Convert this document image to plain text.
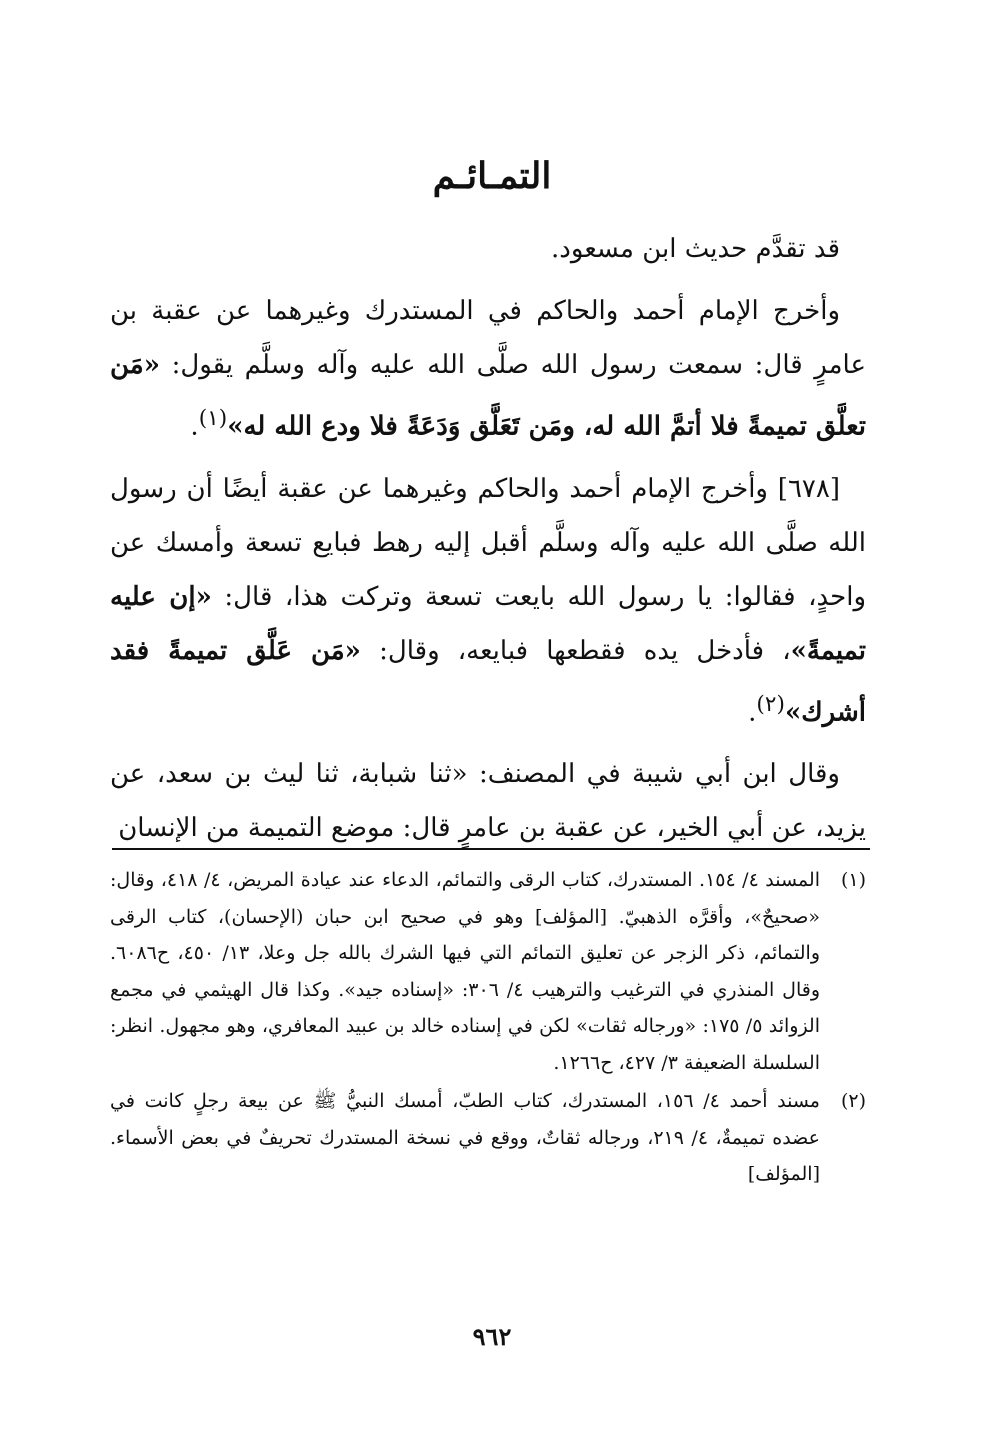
التمـائـم

قد تقدَّم حديث ابن مسعود.

وأخرج الإمام أحمد والحاكم في المستدرك وغيرهما عن عقبة بن عامرٍ قال: سمعت رسول الله صلَّى الله عليه وآله وسلَّم يقول: «مَن تعلَّق تميمةً فلا أتمَّ الله له، ومَن تَعَلَّق وَدَعَةً فلا ودع الله له»$^{(١)}$.

[٦٧٨] وأخرج الإمام أحمد والحاكم وغيرهما عن عقبة أيضًا أن رسول الله صلَّى الله عليه وآله وسلَّم أقبل إليه رهط فبايع تسعة وأمسك عن واحدٍ، فقالوا: يا رسول الله بايعت تسعة وتركت هذا، قال: «إن عليه تميمةً»، فأدخل يده فقطعها فبايعه، وقال: «مَن عَلَّق تميمةً فقد أشرك»$^{(٢)}$.

وقال ابن أبي شيبة في المصنف: «ثنا شبابة، ثنا ليث بن سعد، عن يزيد، عن أبي الخير، عن عقبة بن عامرٍ قال: موضع التميمة من الإنسان

(١)
المسند ٤/ ١٥٤. المستدرك، كتاب الرقى والتمائم، الدعاء عند عيادة المريض، ٤/ ٤١٨، وقال: «صحيحٌ»، وأقرَّه الذهبيّ. [المؤلف] وهو في صحيح ابن حبان (الإحسان)، كتاب الرقى والتمائم، ذكر الزجر عن تعليق التمائم التي فيها الشرك بالله جل وعلا، ١٣/ ٤٥٠، ح٦٠٨٦. وقال المنذري في الترغيب والترهيب ٤/ ٣٠٦: «إسناده جيد». وكذا قال الهيثمي في مجمع الزوائد ٥/ ١٧٥: «ورجاله ثقات» لكن في إسناده خالد بن عبيد المعافري، وهو مجهول. انظر: السلسلة الضعيفة ٣/ ٤٢٧، ح١٢٦٦.
(٢)
مسند أحمد ٤/ ١٥٦، المستدرك، كتاب الطبّ، أمسك النبيُّ ﷺ عن بيعة رجلٍ كانت في عضده تميمةٌ، ٤/ ٢١٩، ورجاله ثقاتٌ، ووقع في نسخة المستدرك تحريفٌ في بعض الأسماء. [المؤلف]
٩٦٢
